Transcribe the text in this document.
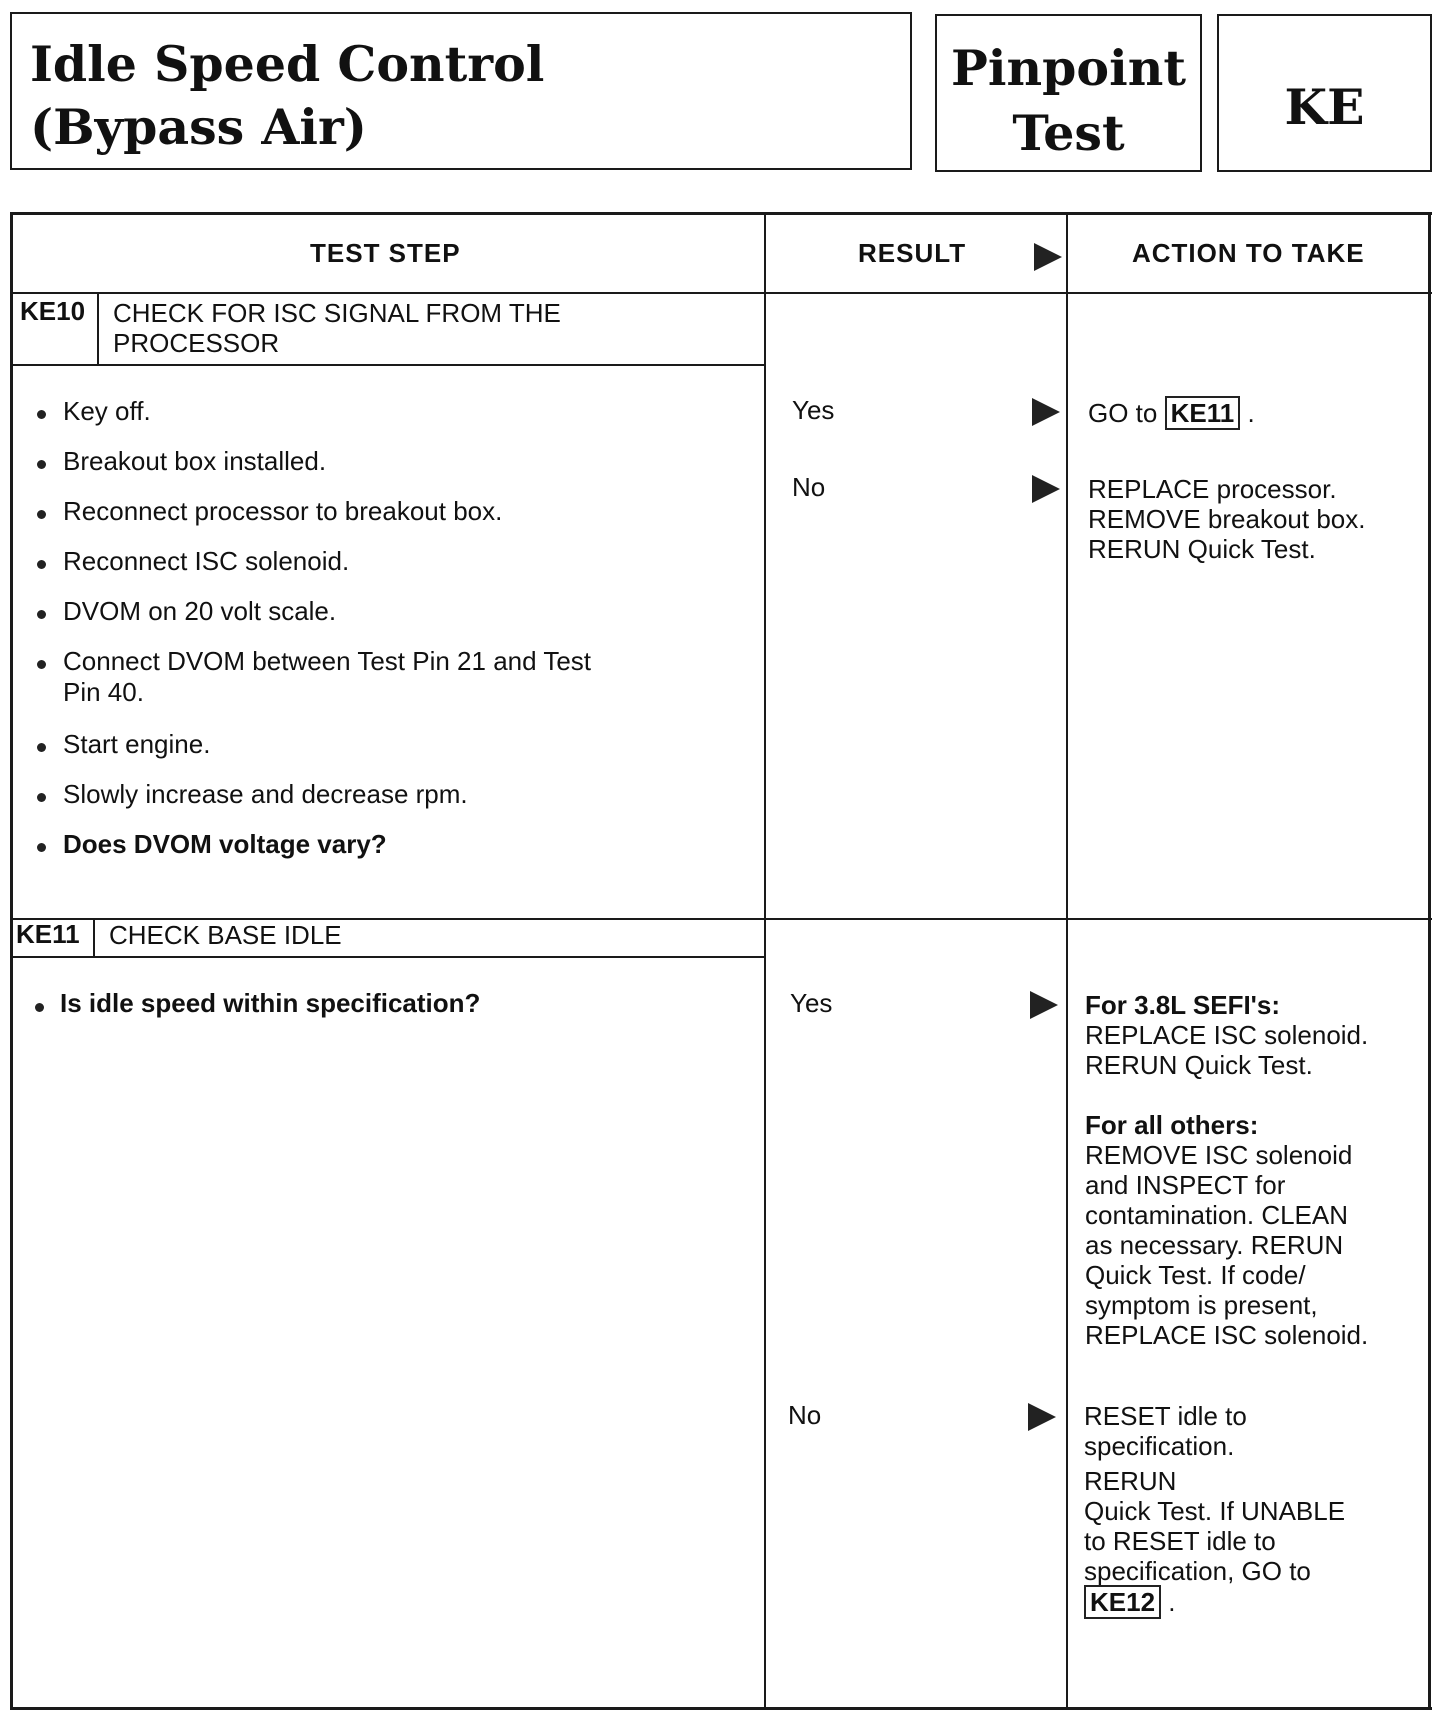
Idle Speed Control
(Bypass Air)
Pinpoint
Test	KE
TEST STEP	RESULT	ACTION TO TAKE
KE10 CHECK FOR ISC SIGNAL FROM THE
PROCESSOR
Key off.
Breakout box installed.
Reconnect processor to breakout box.
Reconnect ISC solenoid.
DVOM on 20 volt scale.
Connect DVOM between Test Pin 21 and Test
Pin 40.
Start engine.
Slowly increase and decrease rpm.
Does DVOM voltage vary?
Yes	GO to KE11 .
No	REPLACE processor.
REMOVE breakout box.
RERUN Quick Test.
KE11 CHECK BASE IDLE
Is idle speed within specification?	Yes	For 3.8L SEFI's:
REPLACE ISC solenoid.
RERUN Quick Test.
For all others:
REMOVE ISC solenoid
and INSPECT for
contamination. CLEAN
as necessary. RERUN
Quick Test. If code/
symptom is present,
REPLACE ISC solenoid.
No	RESET idle to
specification.
RERUN
Quick Test. If UNABLE
to RESET idle to
specification, GO to
KE12 .
